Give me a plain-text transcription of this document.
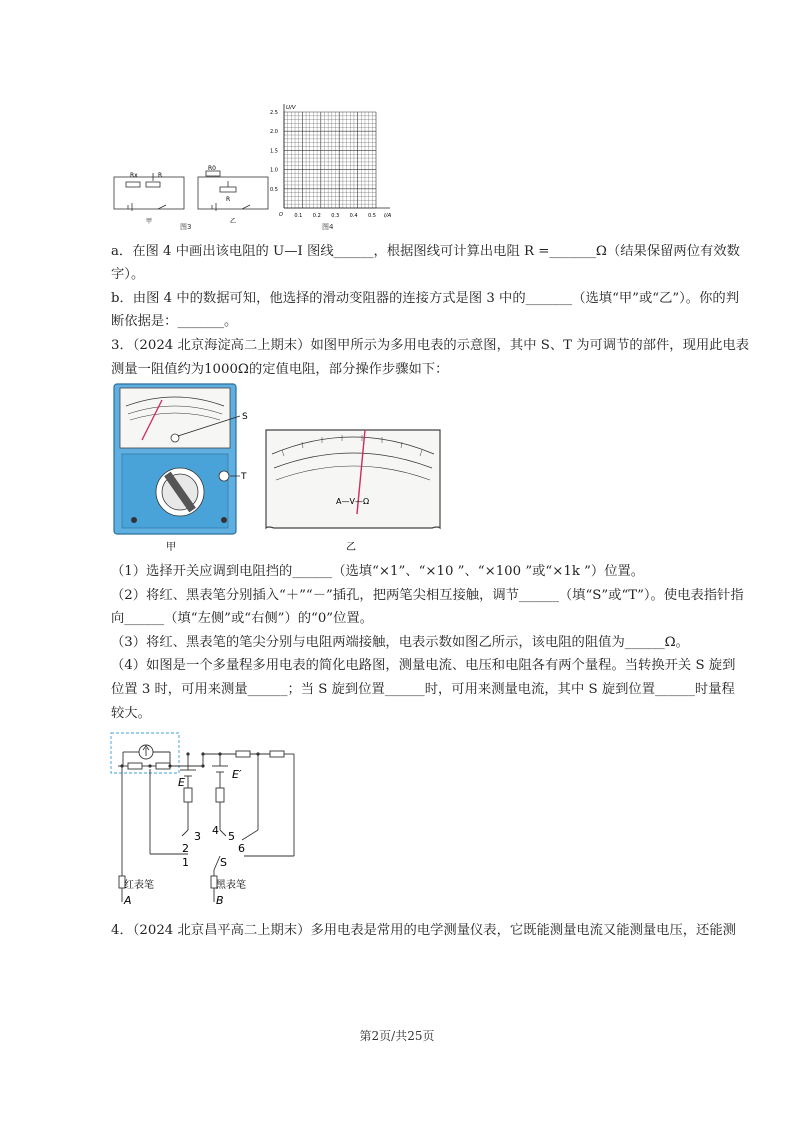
Rx	R
甲
R0
R
乙
图3
0.5
1.0
1.5
2.0
2.5
0.1 0.2 0.3 0.4 0.5
U/V
I/A
O
图4
a．在图 4 中画出该电阻的 U—I 图线______，根据图线可计算出电阻 R =_______Ω（结果保留两位有效数
字）。
b．由图 4 中的数据可知，他选择的滑动变阻器的连接方式是图 3 中的_______（选填“甲”或“乙”）。你的判
断依据是：_______。
3．（2024 北京海淀高二上期末）如图甲所示为多用电表的示意图，其中 S、T 为可调节的部件，现用此电表
测量一阻值约为1000Ω的定值电阻，部分操作步骤如下：
S
T
甲
A—V—Ω
乙
（1）选择开关应调到电阻挡的______（选填“×1”、“×10 ”、“×100 ”或“×1k ”）位置。
（2）将红、黑表笔分别插入“＋”“－”插孔，把两笔尖相互接触，调节______（填“S”或“T”）。使电表指针指
向______（填“左侧”或“右侧”）的“0”位置。
（3）将红、黑表笔的笔尖分别与电阻两端接触，电表示数如图乙所示，该电阻的阻值为______Ω。
（4）如图是一个多量程多用电表的简化电路图，测量电流、电压和电阻各有两个量程。当转换开关 S 旋到
位置 3 时，可用来测量______；当 S 旋到位置______时，可用来测量电流，其中 S 旋到位置______时量程
较大。
E
E′
3 4 5
6
2
1	S
红表笔	黑表笔
A	B
4．（2024 北京昌平高二上期末）多用电表是常用的电学测量仪表，它既能测量电流又能测量电压，还能测
第2页/共25页
